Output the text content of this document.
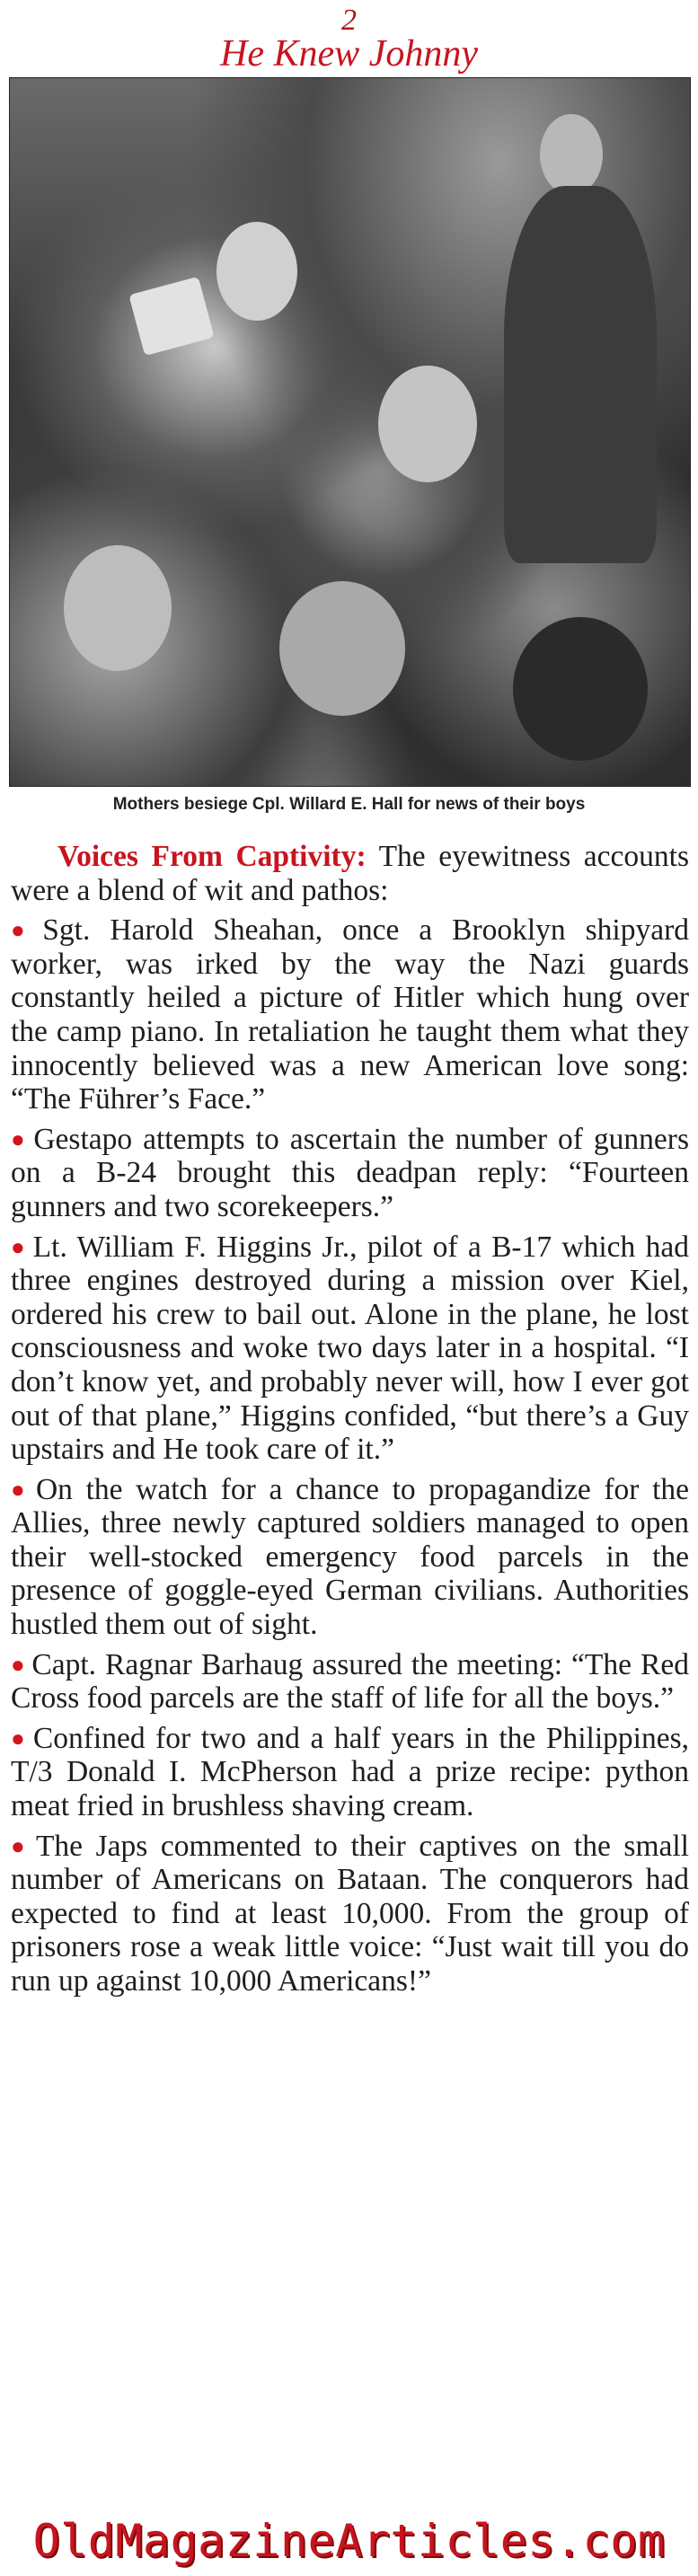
2
He Knew Johnny
Mothers besiege Cpl. Willard E. Hall for news of their boys

Voices From Captivity: The eyewitness accounts were a blend of wit and pathos:

● Sgt. Harold Sheahan, once a Brooklyn shipyard worker, was irked by the way the Nazi guards constantly heiled a picture of Hitler which hung over the camp piano. In retaliation he taught them what they innocently believed was a new American love song: “The Führer’s Face.”

● Gestapo attempts to ascertain the number of gunners on a B-24 brought this deadpan reply: “Fourteen gunners and two scorekeepers.”

● Lt. William F. Higgins Jr., pilot of a B-17 which had three engines destroyed during a mission over Kiel, ordered his crew to bail out. Alone in the plane, he lost consciousness and woke two days later in a hospital. “I don’t know yet, and probably never will, how I ever got out of that plane,” Higgins confided, “but there’s a Guy upstairs and He took care of it.”

● On the watch for a chance to propagandize for the Allies, three newly captured soldiers managed to open their well-stocked emergency food parcels in the presence of goggle-eyed German civilians. Authorities hustled them out of sight.

● Capt. Ragnar Barhaug assured the meeting: “The Red Cross food parcels are the staff of life for all the boys.”

● Confined for two and a half years in the Philippines, T/3 Donald I. McPherson had a prize recipe: python meat fried in brushless shaving cream.

● The Japs commented to their captives on the small number of Americans on Bataan. The conquerors had expected to find at least 10,000. From the group of prisoners rose a weak little voice: “Just wait till you do run up against 10,000 Americans!”

OldMagazineArticles.com
